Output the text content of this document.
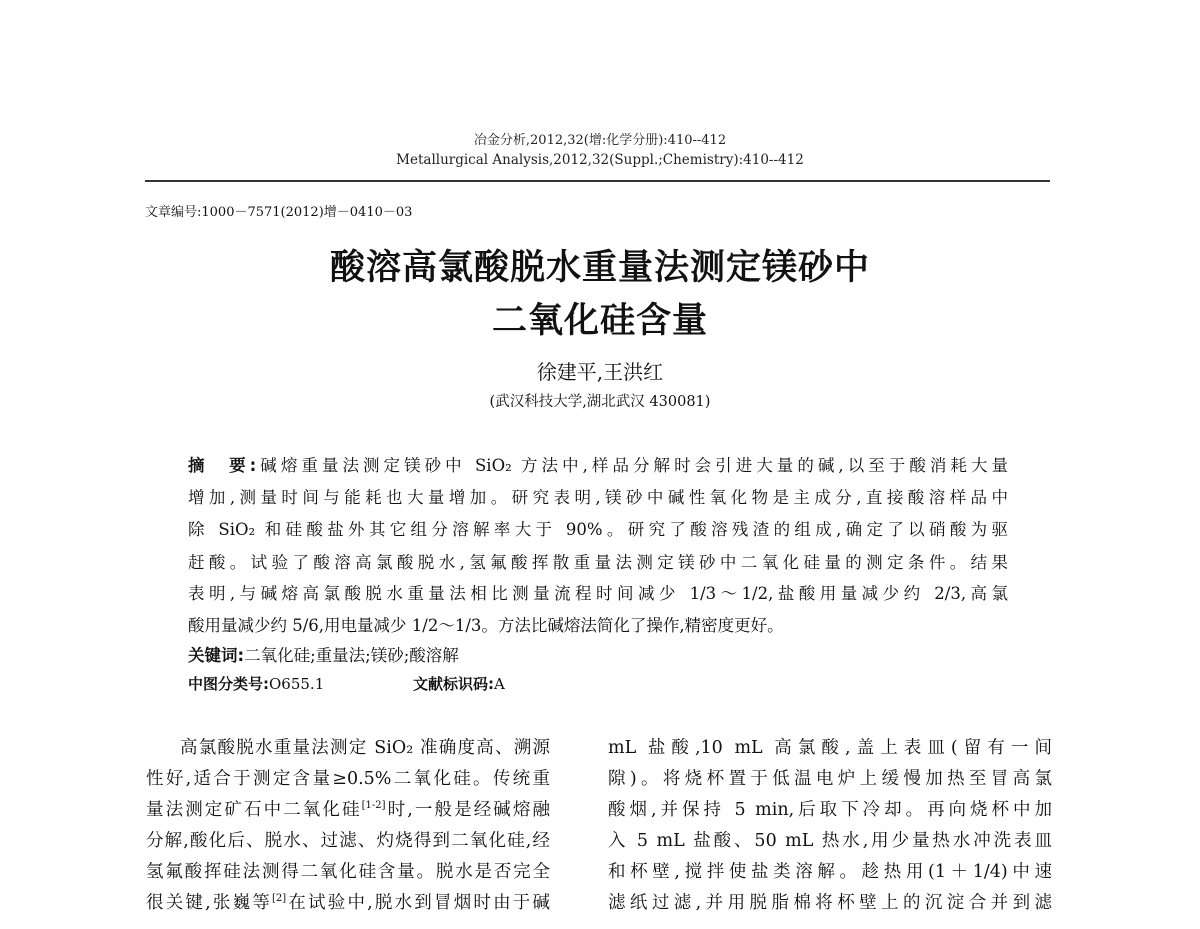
冶金分析,2012,32(增:化学分册):410--412
Metallurgical Analysis,2012,32(Suppl.;Chemistry):410--412
文章编号:1000－7571(2012)增－0410－03
酸溶高氯酸脱水重量法测定镁砂中
二氧化硅含量
徐建平,王洪红
(武汉科技大学,湖北武汉 430081)
摘　要:碱熔重量法测定镁砂中 SiO₂ 方法中,样品分解时会引进大量的碱,以至于酸消耗大量
增加,测量时间与能耗也大量增加。研究表明,镁砂中碱性氧化物是主成分,直接酸溶样品中
除 SiO₂ 和硅酸盐外其它组分溶解率大于 90%。研究了酸溶残渣的组成,确定了以硝酸为驱
赶酸。试验了酸溶高氯酸脱水,氢氟酸挥散重量法测定镁砂中二氧化硅量的测定条件。结果
表明,与碱熔高氯酸脱水重量法相比测量流程时间减少 1/3～1/2,盐酸用量减少约 2/3,高氯
酸用量减少约 5/6,用电量减少 1/2～1/3。方法比碱熔法简化了操作,精密度更好。
关键词:二氧化硅;重量法;镁砂;酸溶解
中图分类号:O655.1	文献标识码:A
高氯酸脱水重量法测定 SiO₂ 准确度高、溯源
性好,适合于测定含量≥0.5%二氧化硅。传统重
量法测定矿石中二氧化硅[1-2]时,一般是经碱熔融
分解,酸化后、脱水、过滤、灼烧得到二氧化硅,经
氢氟酸挥硅法测得二氧化硅含量。脱水是否完全
很关键,张巍等[2]在试验中,脱水到冒烟时由于碱
mL 盐酸,10 mL 高氯酸,盖上表皿(留有一间
隙)。将烧杯置于低温电炉上缓慢加热至冒高氯
酸烟,并保持 5 min,后取下冷却。再向烧杯中加
入 5 mL 盐酸、50 mL 热水,用少量热水冲洗表皿
和杯壁,搅拌使盐类溶解。趁热用(1＋1/4)中速
滤纸过滤,并用脱脂棉将杯壁上的沉淀合并到滤
